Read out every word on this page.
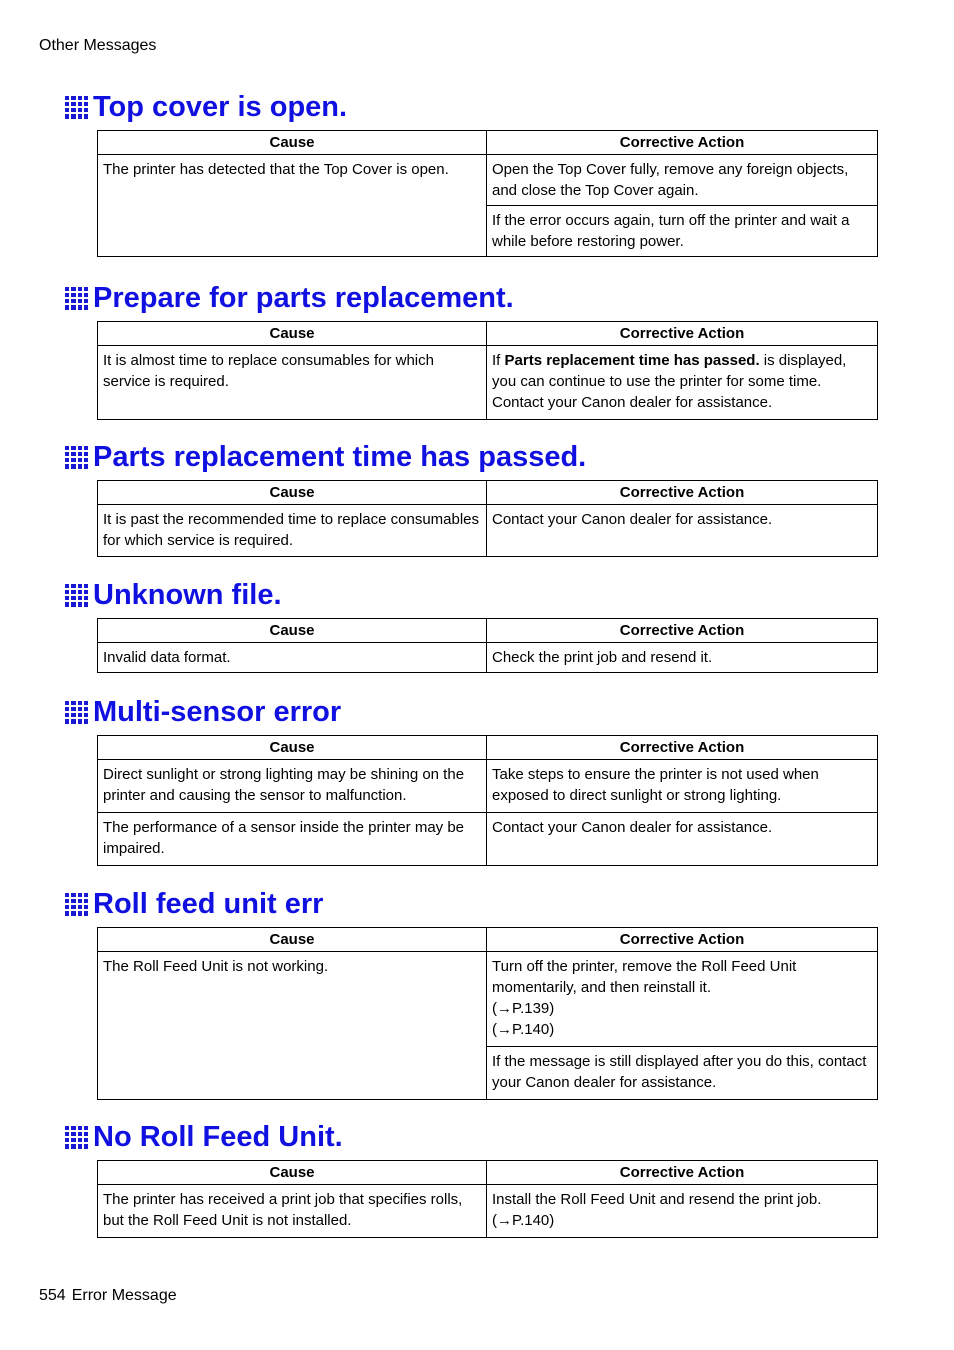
Other Messages
Top cover is open.
Cause	Corrective Action
The printer has detected that the Top Cover is open.	Open the Top Cover fully, remove any foreign objects, and close the Top Cover again.
	If the error occurs again, turn off the printer and wait a while before restoring power.
Prepare for parts replacement.
Cause	Corrective Action
It is almost time to replace consumables for which service is required.	If Parts replacement time has passed. is displayed, you can continue to use the printer for some time. Contact your Canon dealer for assistance.
Parts replacement time has passed.
Cause	Corrective Action
It is past the recommended time to replace consumables for which service is required.	Contact your Canon dealer for assistance.
Unknown file.
Cause	Corrective Action
Invalid data format.	Check the print job and resend it.
Multi-sensor error
Cause	Corrective Action
Direct sunlight or strong lighting may be shining on the printer and causing the sensor to malfunction.	Take steps to ensure the printer is not used when exposed to direct sunlight or strong lighting.
The performance of a sensor inside the printer may be impaired.	Contact your Canon dealer for assistance.
Roll feed unit err
Cause	Corrective Action
The Roll Feed Unit is not working.	Turn off the printer, remove the Roll Feed Unit momentarily, and then reinstall it.
(→P.139)
(→P.140)

	If the message is still displayed after you do this, contact your Canon dealer for assistance.
No Roll Feed Unit.
Cause	Corrective Action
The printer has received a print job that specifies rolls, but the Roll Feed Unit is not installed.	Install the Roll Feed Unit and resend the print job.
(→P.140)
554 Error Message
